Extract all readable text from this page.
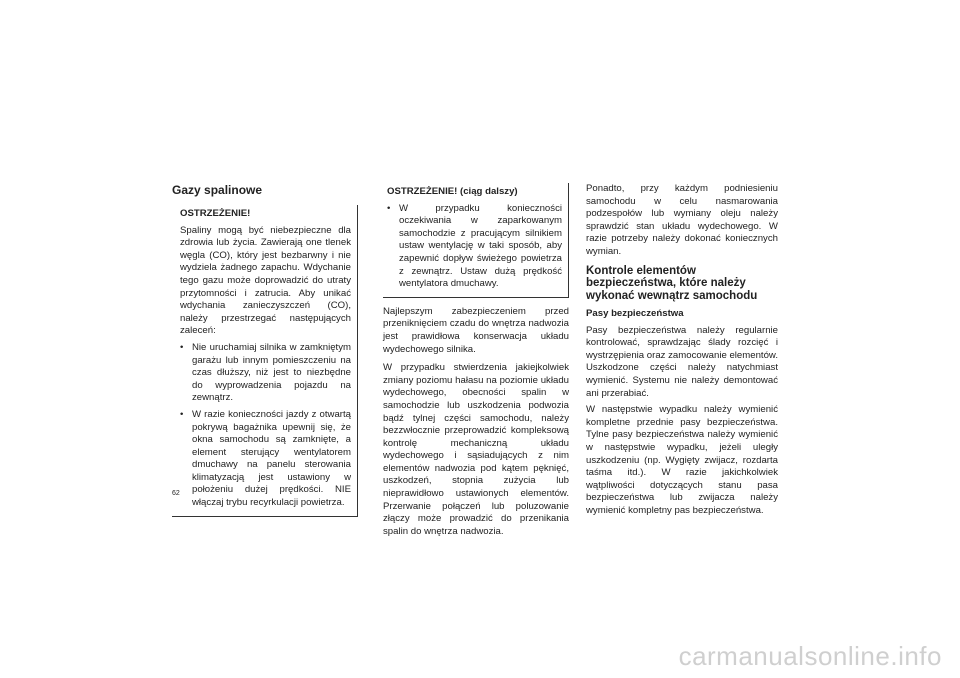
Gazy spalinowe

OSTRZEŻENIE!

Spaliny mogą być niebezpieczne dla zdrowia lub życia. Zawierają one tlenek węgla (CO), który jest bezbarwny i nie wydziela żadnego zapachu. Wdychanie tego gazu może doprowadzić do utraty przytomności i zatrucia. Aby unikać wdychania zanieczyszczeń (CO), należy przestrzegać następujących zaleceń:

• Nie uruchamiaj silnika w zamkniętym garażu lub innym pomieszczeniu na czas dłuższy, niż jest to niezbędne do wyprowadzenia pojazdu na zewnątrz.
• W razie konieczności jazdy z otwartą pokrywą bagażnika upewnij się, że okna samochodu są zamknięte, a element sterujący wentylatorem dmuchawy na panelu sterowania klimatyzacją jest ustawiony w położeniu dużej prędkości. NIE włączaj trybu recyrkulacji powietrza.

OSTRZEŻENIE! (ciąg dalszy)

• W przypadku konieczności oczekiwania w zaparkowanym samochodzie z pracującym silnikiem ustaw wentylację w taki sposób, aby zapewnić dopływ świeżego powietrza z zewnątrz. Ustaw dużą prędkość wentylatora dmuchawy.

Najlepszym zabezpieczeniem przed przeniknięciem czadu do wnętrza nadwozia jest prawidłowa konserwacja układu wydechowego silnika.

W przypadku stwierdzenia jakiejkolwiek zmiany poziomu hałasu na poziomie układu wydechowego, obecności spalin w samochodzie lub uszkodzenia podwozia bądź tylnej części samochodu, należy bezzwłocznie przeprowadzić kompleksową kontrolę mechaniczną układu wydechowego i sąsiadujących z nim elementów nadwozia pod kątem pęknięć, uszkodzeń, stopnia zużycia lub nieprawidłowo ustawionych elementów. Przerwanie połączeń lub poluzowanie złączy może prowadzić do przenikania spalin do wnętrza nadwozia.

Ponadto, przy każdym podniesieniu samochodu w celu nasmarowania podzespołów lub wymiany oleju należy sprawdzić stan układu wydechowego. W razie potrzeby należy dokonać koniecznych wymian.

Kontrole elementów bezpieczeństwa, które należy wykonać wewnątrz samochodu
Pasy bezpieczeństwa

Pasy bezpieczeństwa należy regularnie kontrolować, sprawdzając ślady rozcięć i wystrzępienia oraz zamocowanie elementów. Uszkodzone części należy natychmiast wymienić. Systemu nie należy demontować ani przerabiać.

W następstwie wypadku należy wymienić kompletne przednie pasy bezpieczeństwa. Tylne pasy bezpieczeństwa należy wymienić w następstwie wypadku, jeżeli uległy uszkodzeniu (np. Wygięty zwijacz, rozdarta taśma itd.). W razie jakichkolwiek wątpliwości dotyczących stanu pasa bezpieczeństwa lub zwijacza należy wymienić kompletny pas bezpieczeństwa.

62
carmanualsonline.info
